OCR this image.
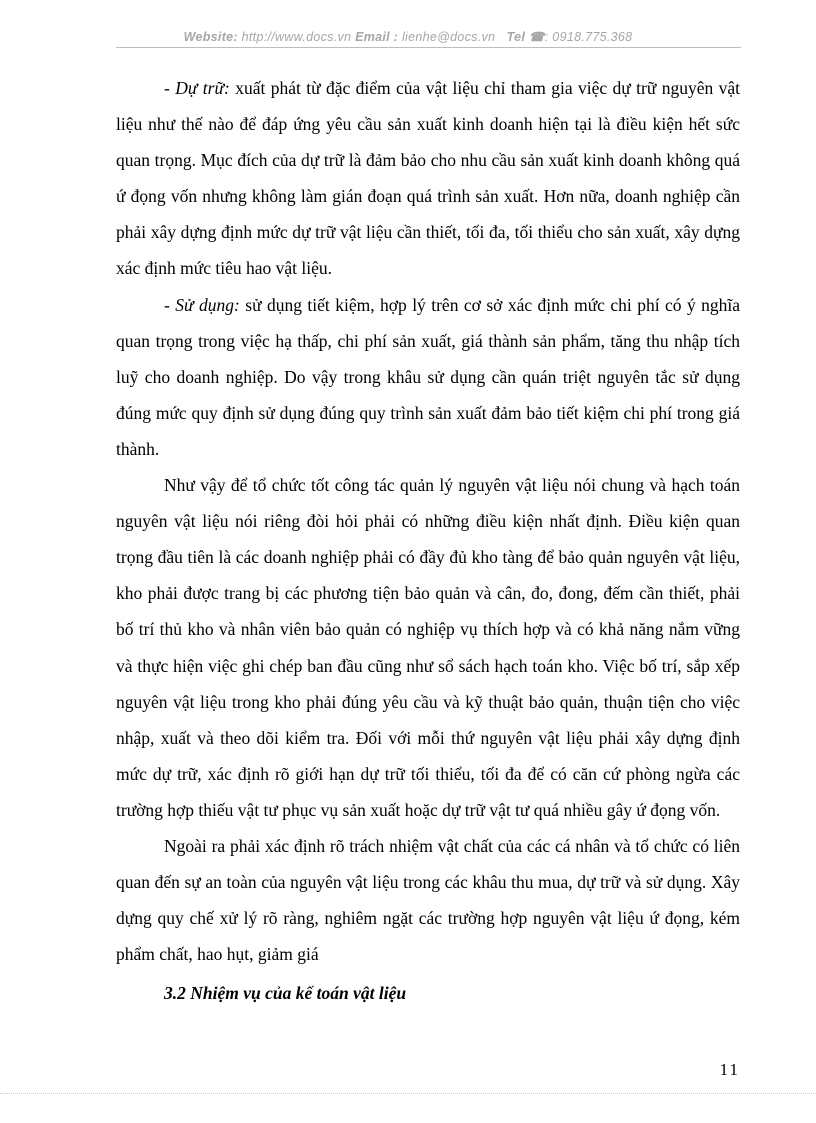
Website: http://www.docs.vn Email : lienhe@docs.vn Tel ☎: 0918.775.368

- Dự trữ: xuất phát từ đặc điểm của vật liệu chỉ tham gia việc dự trữ nguyên vật liệu như thế nào để đáp ứng yêu cầu sản xuất kinh doanh hiện tại là điều kiện hết sức quan trọng. Mục đích của dự trữ là đảm bảo cho nhu cầu sản xuất kinh doanh không quá ứ đọng vốn nhưng không làm gián đoạn quá trình sản xuất. Hơn nữa, doanh nghiệp cần phải xây dựng định mức dự trữ vật liệu cần thiết, tối đa, tối thiểu cho sản xuất, xây dựng xác định mức tiêu hao vật liệu.

- Sử dụng: sử dụng tiết kiệm, hợp lý trên cơ sở xác định mức chi phí có ý nghĩa quan trọng trong việc hạ thấp, chi phí sản xuất, giá thành sản phẩm, tăng thu nhập tích luỹ cho doanh nghiệp. Do vậy trong khâu sử dụng cần quán triệt nguyên tắc sử dụng đúng mức quy định sử dụng đúng quy trình sản xuất đảm bảo tiết kiệm chi phí trong giá thành.

Như vậy để tổ chức tốt công tác quản lý nguyên vật liệu nói chung và hạch toán nguyên vật liệu nói riêng đòi hỏi phải có những điều kiện nhất định. Điều kiện quan trọng đầu tiên là các doanh nghiệp phải có đầy đủ kho tàng để bảo quản nguyên vật liệu, kho phải được trang bị các phương tiện bảo quản và cân, đo, đong, đếm cần thiết, phải bố trí thủ kho và nhân viên bảo quản có nghiệp vụ thích hợp và có khả năng nắm vững và thực hiện việc ghi chép ban đầu cũng như sổ sách hạch toán kho. Việc bố trí, sắp xếp nguyên vật liệu trong kho phải đúng yêu cầu và kỹ thuật bảo quản, thuận tiện cho việc nhập, xuất và theo dõi kiểm tra. Đối với mỗi thứ nguyên vật liệu phải xây dựng định mức dự trữ, xác định rõ giới hạn dự trữ tối thiểu, tối đa để có căn cứ phòng ngừa các trường hợp thiếu vật tư phục vụ sản xuất hoặc dự trữ vật tư quá nhiều gây ứ đọng vốn.

Ngoài ra phải xác định rõ trách nhiệm vật chất của các cá nhân và tổ chức có liên quan đến sự an toàn của nguyên vật liệu trong các khâu thu mua, dự trữ và sử dụng. Xây dựng quy chế xử lý rõ ràng, nghiêm ngặt các trường hợp nguyên vật liệu ứ đọng, kém phẩm chất, hao hụt, giảm giá

3.2 Nhiệm vụ của kế toán vật liệu
11
